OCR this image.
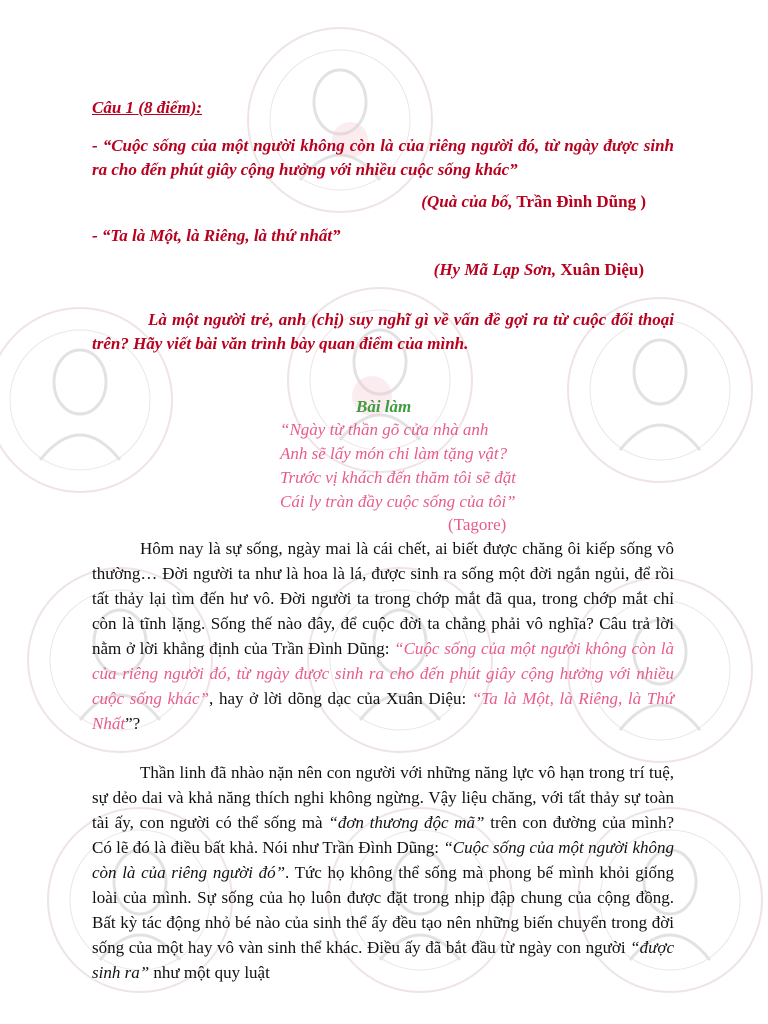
Câu 1 (8 điểm):

- “Cuộc sống của một người không còn là của riêng người đó, từ ngày được sinh ra cho đến phút giây cộng hưởng với nhiều cuộc sống khác”

(Quà của bố, Trần Đình Dũng )

- “Ta là Một, là Riêng, là thứ nhất”

(Hy Mã Lạp Sơn, Xuân Diệu)

Là một người trẻ, anh (chị) suy nghĩ gì về vấn đề gợi ra từ cuộc đối thoại trên? Hãy viết bài văn trình bày quan điểm của mình.

Bài làm

“Ngày từ thần gõ cửa nhà anh

Anh sẽ lấy món chi làm tặng vật?

Trước vị khách đến thăm tôi sẽ đặt

Cái ly tràn đầy cuộc sống của tôi”

(Tagore)

Hôm nay là sự sống, ngày mai là cái chết, ai biết được chăng ôi kiếp sống vô thường… Đời người ta như là hoa là lá, được sinh ra sống một đời ngắn ngủi, để rồi tất thảy lại tìm đến hư vô. Đời người ta trong chớp mắt đã qua, trong chớp mắt chỉ còn là tĩnh lặng. Sống thế nào đây, để cuộc đời ta chẳng phải vô nghĩa? Câu trả lời nằm ở lời khẳng định của Trần Đình Dũng: “Cuộc sống của một người không còn là của riêng người đó, từ ngày được sinh ra cho đến phút giây cộng hưởng với nhiều cuộc sống khác”, hay ở lời dõng dạc của Xuân Diệu: “Ta là Một, là Riêng, là Thứ Nhất”?

Thần linh đã nhào nặn nên con người với những năng lực vô hạn trong trí tuệ, sự dẻo dai và khả năng thích nghi không ngừng. Vậy liệu chăng, với tất thảy sự toàn tài ấy, con người có thể sống mà “đơn thương độc mã” trên con đường của mình? Có lẽ đó là điều bất khả. Nói như Trần Đình Dũng: “Cuộc sống của một người không còn là của riêng người đó”. Tức họ không thể sống mà phong bế mình khỏi giống loài của mình. Sự sống của họ luôn được đặt trong nhịp đập chung của cộng đồng. Bất kỳ tác động nhỏ bé nào của sinh thể ấy đều tạo nên những biến chuyển trong đời sống của một hay vô vàn sinh thể khác. Điều ấy đã bắt đầu từ ngày con người “được sinh ra” như một quy luật
